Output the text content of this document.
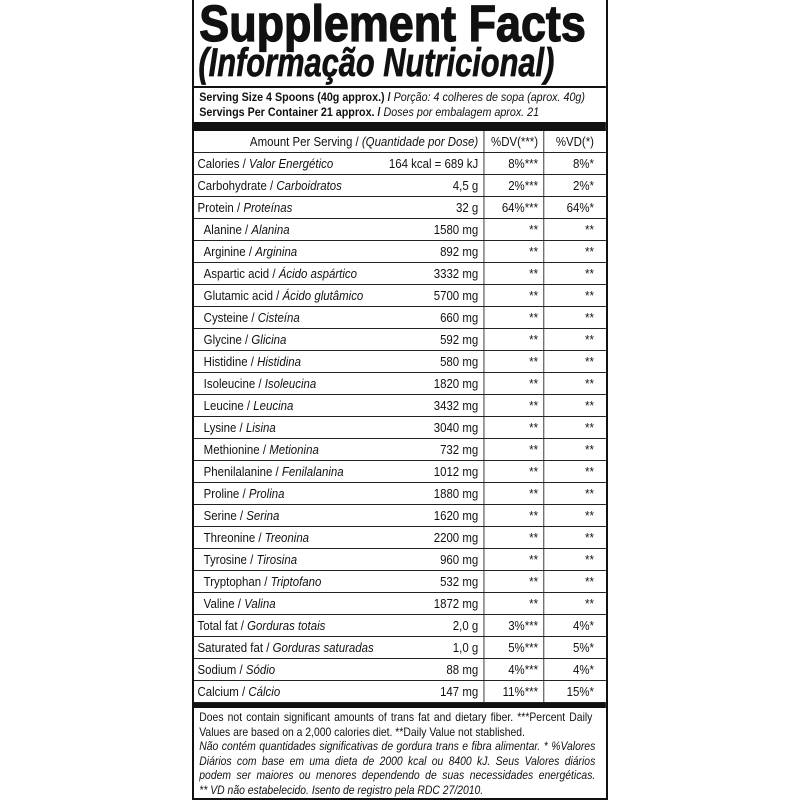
Supplement Facts
(Informação Nutricional)
Serving Size 4 Spoons (40g approx.) / Porção: 4 colheres de sopa (aprox. 40g)
Servings Per Container 21 approx. / Doses por embalagem aprox. 21
Amount Per Serving / (Quantidade por Dose) %DV(***)	%VD(*)
Calories / Valor Energético	164 kcal = 689 kJ	8%***	8%*
Carbohydrate / Carboidratos	4,5 g	2%***	2%*
Protein / Proteínas	32 g	64%***	64%*
Alanine / Alanina	1580 mg	**	**
Arginine / Arginina	892 mg	**	**
Aspartic acid / Ácido aspártico	3332 mg	**	**
Glutamic acid / Ácido glutâmico	5700 mg	**	**
Cysteine / Cisteína	660 mg	**	**
Glycine / Glicina	592 mg	**	**
Histidine / Histidina	580 mg	**	**
Isoleucine / Isoleucina	1820 mg	**	**
Leucine / Leucina	3432 mg	**	**
Lysine / Lisina	3040 mg	**	**
Methionine / Metionina	732 mg	**	**
Phenilalanine / Fenilalanina	1012 mg	**	**
Proline / Prolina	1880 mg	**	**
Serine / Serina	1620 mg	**	**
Threonine / Treonina	2200 mg	**	**
Tyrosine / Tirosina	960 mg	**	**
Tryptophan / Triptofano	532 mg	**	**
Valine / Valina	1872 mg	**	**
Total fat / Gorduras totais	2,0 g	3%***	4%*
Saturated fat / Gorduras saturadas	1,0 g	5%***	5%*
Sodium / Sódio	88 mg	4%***	4%*
Calcium / Cálcio	147 mg	11%***	15%*
Does not contain significant amounts of trans fat and dietary fiber. ***Percent Daily
Values are based on a 2,000 calories diet. **Daily Value not stablished.
Não contém quantidades significativas de gordura trans e fibra alimentar. * %Valores
Diários com base em uma dieta de 2000 kcal ou 8400 kJ. Seus Valores diários
podem ser maiores ou menores dependendo de suas necessidades energéticas.
** VD não estabelecido. Isento de registro pela RDC 27/2010.
